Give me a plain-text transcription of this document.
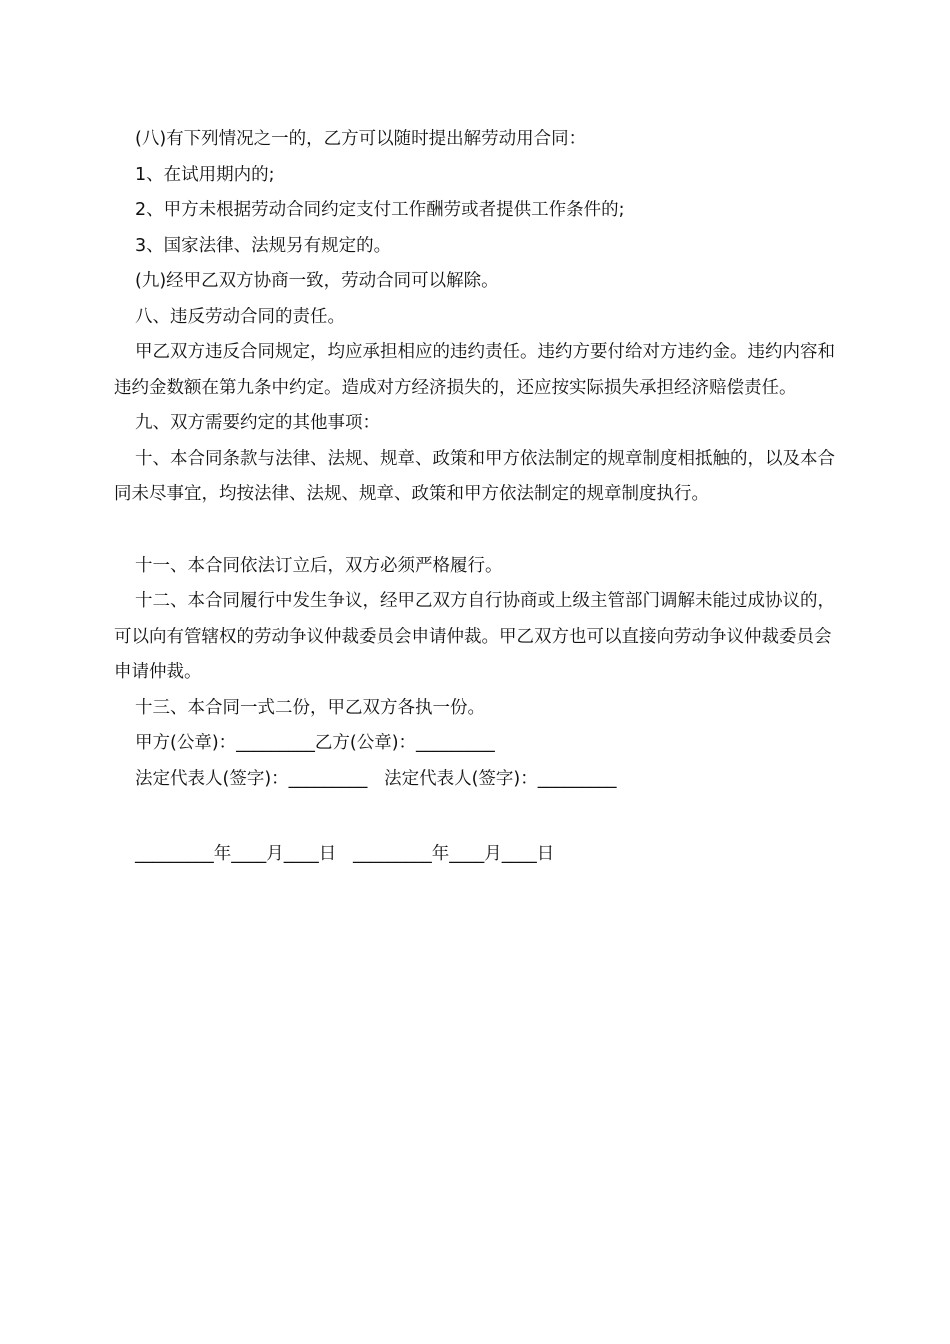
(八)有下列情况之一的，乙方可以随时提出解劳动用合同：

1、在试用期内的;

2、甲方未根据劳动合同约定支付工作酬劳或者提供工作条件的;

3、国家法律、法规另有规定的。

(九)经甲乙双方协商一致，劳动合同可以解除。

八、违反劳动合同的责任。

甲乙双方违反合同规定，均应承担相应的违约责任。违约方要付给对方违约金。违约内容和违约金数额在第九条中约定。造成对方经济损失的，还应按实际损失承担经济赔偿责任。

九、双方需要约定的其他事项：

十、本合同条款与法律、法规、规章、政策和甲方依法制定的规章制度相抵触的，以及本合同未尽事宜，均按法律、法规、规章、政策和甲方依法制定的规章制度执行。

十一、本合同依法订立后，双方必须严格履行。

十二、本合同履行中发生争议，经甲乙双方自行协商或上级主管部门调解未能过成协议的，可以向有管辖权的劳动争议仲裁委员会申请仲裁。甲乙双方也可以直接向劳动争议仲裁委员会申请仲裁。

十三、本合同一式二份，甲乙双方各执一份。

甲方(公章)：_________乙方(公章)：_________

法定代表人(签字)：_________   法定代表人(签字)：_________

_________年____月____日   _________年____月____日
